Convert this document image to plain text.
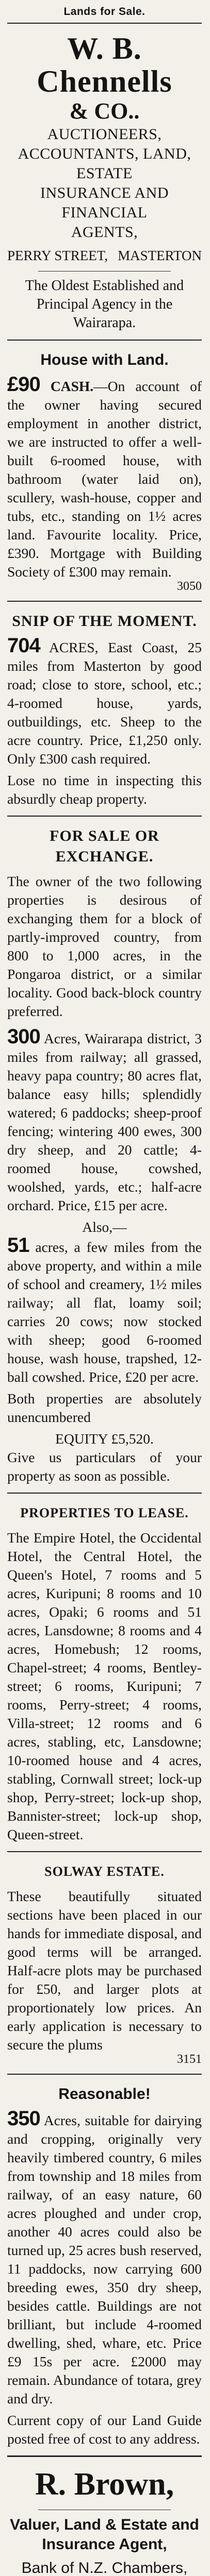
Lands for Sale.
W. B. Chennells
& CO..
AUCTIONEERS,
ACCOUNTANTS, LAND, ESTATE
INSURANCE AND FINANCIAL
AGENTS,
PERRY STREET, MASTERTON
The Oldest Established and Principal Agency in the Wairarapa.
House with Land.

£90 CASH.—On account of the owner having secured employment in another district, we are instructed to offer a well-built 6-roomed house, with bathroom (water laid on), scullery, wash-house, copper and tubs, etc., standing on 1½ acres land. Favourite locality. Price, £390. Mortgage with Building Society of £300 may remain.
3050

SNIP OF THE MOMENT.

704 ACRES, East Coast, 25 miles from Masterton by good road; close to store, school, etc.; 4-roomed house, yards, outbuildings, etc. Sheep to the acre country. Price, £1,250 only. Only £300 cash required.

Lose no time in inspecting this absurdly cheap property.

FOR SALE OR EXCHANGE.

The owner of the two following properties is desirous of exchanging them for a block of partly-improved country, from 800 to 1,000 acres, in the Pongaroa district, or a similar locality. Good back-block country preferred.

300 Acres, Wairarapa district, 3 miles from railway; all grassed, heavy papa country; 80 acres flat, balance easy hills; splendidly watered; 6 paddocks; sheep-proof fencing; wintering 400 ewes, 300 dry sheep, and 20 cattle; 4-roomed house, cowshed, woolshed, yards, etc.; half-acre orchard. Price, £15 per acre.

Also,—

51 acres, a few miles from the above property, and within a mile of school and creamery, 1½ miles railway; all flat, loamy soil; carries 20 cows; now stocked with sheep; good 6-roomed house, wash house, trapshed, 12-ball cowshed. Price, £20 per acre.

Both properties are absolutely unencumbered

EQUITY £5,520.

Give us particulars of your property as soon as possible.

PROPERTIES TO LEASE.

The Empire Hotel, the Occidental Hotel, the Central Hotel, the Queen's Hotel, 7 rooms and 5 acres, Kuripuni; 8 rooms and 10 acres, Opaki; 6 rooms and 51 acres, Lansdowne; 8 rooms and 4 acres, Homebush; 12 rooms, Chapel-street; 4 rooms, Bentley-street; 6 rooms, Kuripuni; 7 rooms, Perry-street; 4 rooms, Villa-street; 12 rooms and 6 acres, stabling, etc, Lansdowne; 10-roomed house and 4 acres, stabling, Cornwall street; lock-up shop, Perry-street; lock-up shop, Bannister-street; lock-up shop, Queen-street.

SOLWAY ESTATE.

These beautifully situated sections have been placed in our hands for immediate disposal, and good terms will be arranged. Half-acre plots may be purchased for £50, and larger plots at proportionately low prices. An early application is necessary to secure the plums
3151

Reasonable!

350 Acres, suitable for dairying and cropping, originally very heavily timbered country, 6 miles from township and 18 miles from railway, of an easy nature, 60 acres ploughed and under crop, another 40 acres could also be turned up, 25 acres bush reserved, 11 paddocks, now carrying 600 breeding ewes, 350 dry sheep, besides cattle. Buildings are not brilliant, but include 4-roomed dwelling, shed, whare, etc. Price £9 15s per acre. £2000 may remain. Abundance of totara, grey and dry.

Current copy of our Land Guide posted free of cost to any address.

R. Brown,
Valuer, Land & Estate and
Insurance Agent,
Bank of N.Z. Chambers,
